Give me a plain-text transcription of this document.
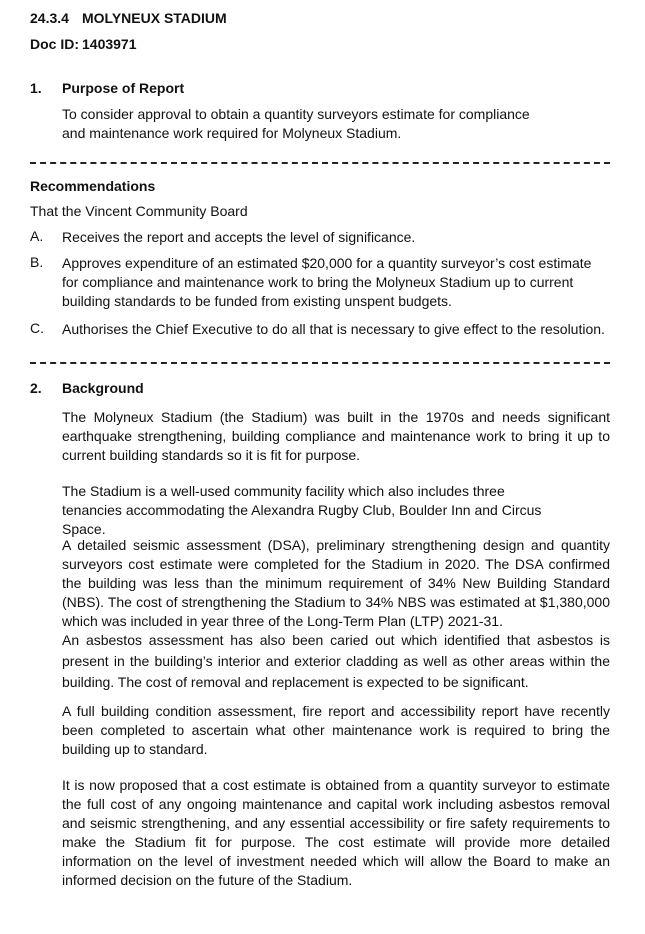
24.3.4 MOLYNEUX STADIUM
Doc ID: 1403971
1. Purpose of Report
To consider approval to obtain a quantity surveyors estimate for compliance and maintenance work required for Molyneux Stadium.
Recommendations
That the Vincent Community Board
A. Receives the report and accepts the level of significance.
B. Approves expenditure of an estimated $20,000 for a quantity surveyor’s cost estimate for compliance and maintenance work to bring the Molyneux Stadium up to current building standards to be funded from existing unspent budgets.
C. Authorises the Chief Executive to do all that is necessary to give effect to the resolution.
2. Background
The Molyneux Stadium (the Stadium) was built in the 1970s and needs significant earthquake strengthening, building compliance and maintenance work to bring it up to current building standards so it is fit for purpose.
The Stadium is a well-used community facility which also includes three tenancies accommodating the Alexandra Rugby Club, Boulder Inn and Circus Space.
A detailed seismic assessment (DSA), preliminary strengthening design and quantity surveyors cost estimate were completed for the Stadium in 2020. The DSA confirmed the building was less than the minimum requirement of 34% New Building Standard (NBS). The cost of strengthening the Stadium to 34% NBS was estimated at $1,380,000 which was included in year three of the Long-Term Plan (LTP) 2021-31.
An asbestos assessment has also been caried out which identified that asbestos is present in the building’s interior and exterior cladding as well as other areas within the building. The cost of removal and replacement is expected to be significant.
A full building condition assessment, fire report and accessibility report have recently been completed to ascertain what other maintenance work is required to bring the building up to standard.
It is now proposed that a cost estimate is obtained from a quantity surveyor to estimate the full cost of any ongoing maintenance and capital work including asbestos removal and seismic strengthening, and any essential accessibility or fire safety requirements to make the Stadium fit for purpose. The cost estimate will provide more detailed information on the level of investment needed which will allow the Board to make an informed decision on the future of the Stadium.
